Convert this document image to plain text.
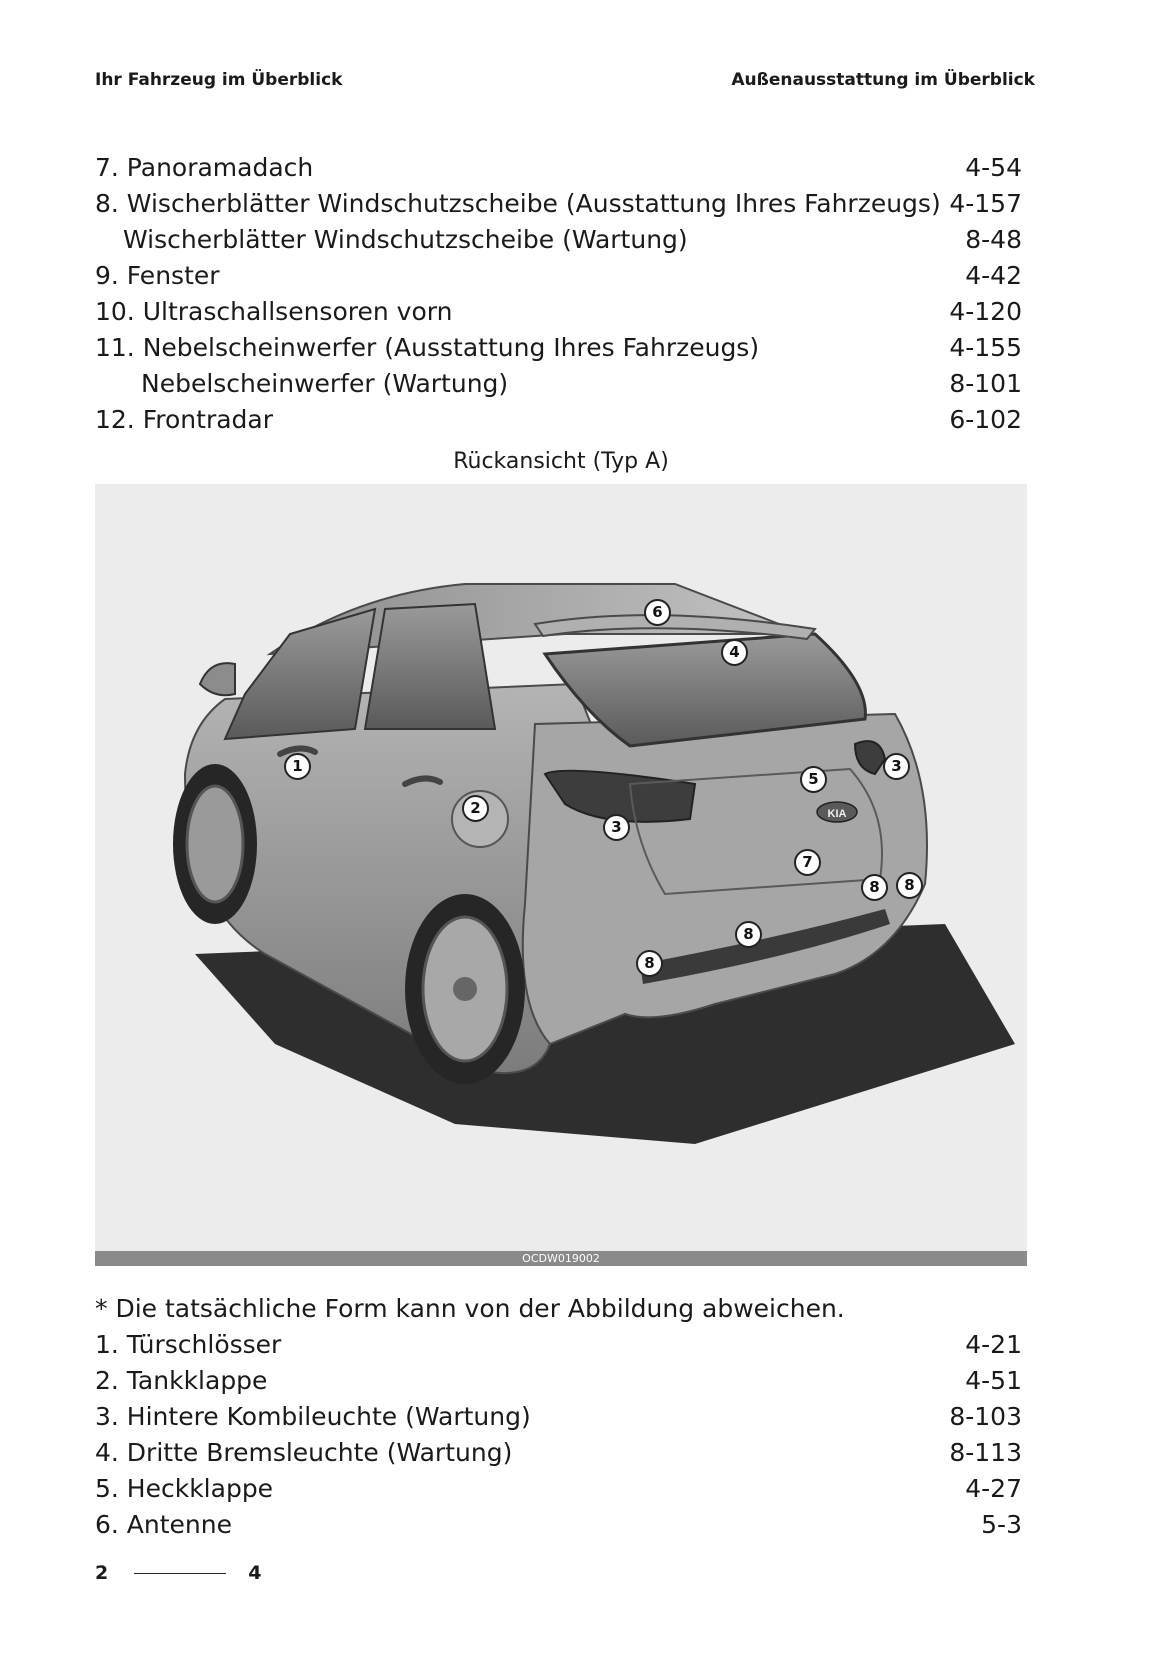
Ihr Fahrzeug im Überblick	Außenausstattung im Überblick
7. Panoramadach	4-54
8. Wischerblätter Windschutzscheibe (Ausstattung Ihres Fahrzeugs) 4-157
Wischerblätter Windschutzscheibe (Wartung)	8-48
9. Fenster	4-42
10. Ultraschallsensoren vorn	4-120
11. Nebelscheinwerfer (Ausstattung Ihres Fahrzeugs)	4-155
Nebelscheinwerfer (Wartung)	8-101
12. Frontradar	6-102
Rückansicht (Typ A)
KIA
1
2
3
3
4
5
6
7
8
8
8	8
OCDW019002
* Die tatsächliche Form kann von der Abbildung abweichen.
1. Türschlösser	4-21
2. Tankklappe	4-51
3. Hintere Kombileuchte (Wartung)	8-103
4. Dritte Bremsleuchte (Wartung)	8-113
5. Heckklappe	4-27
6. Antenne	5-3
2	4
